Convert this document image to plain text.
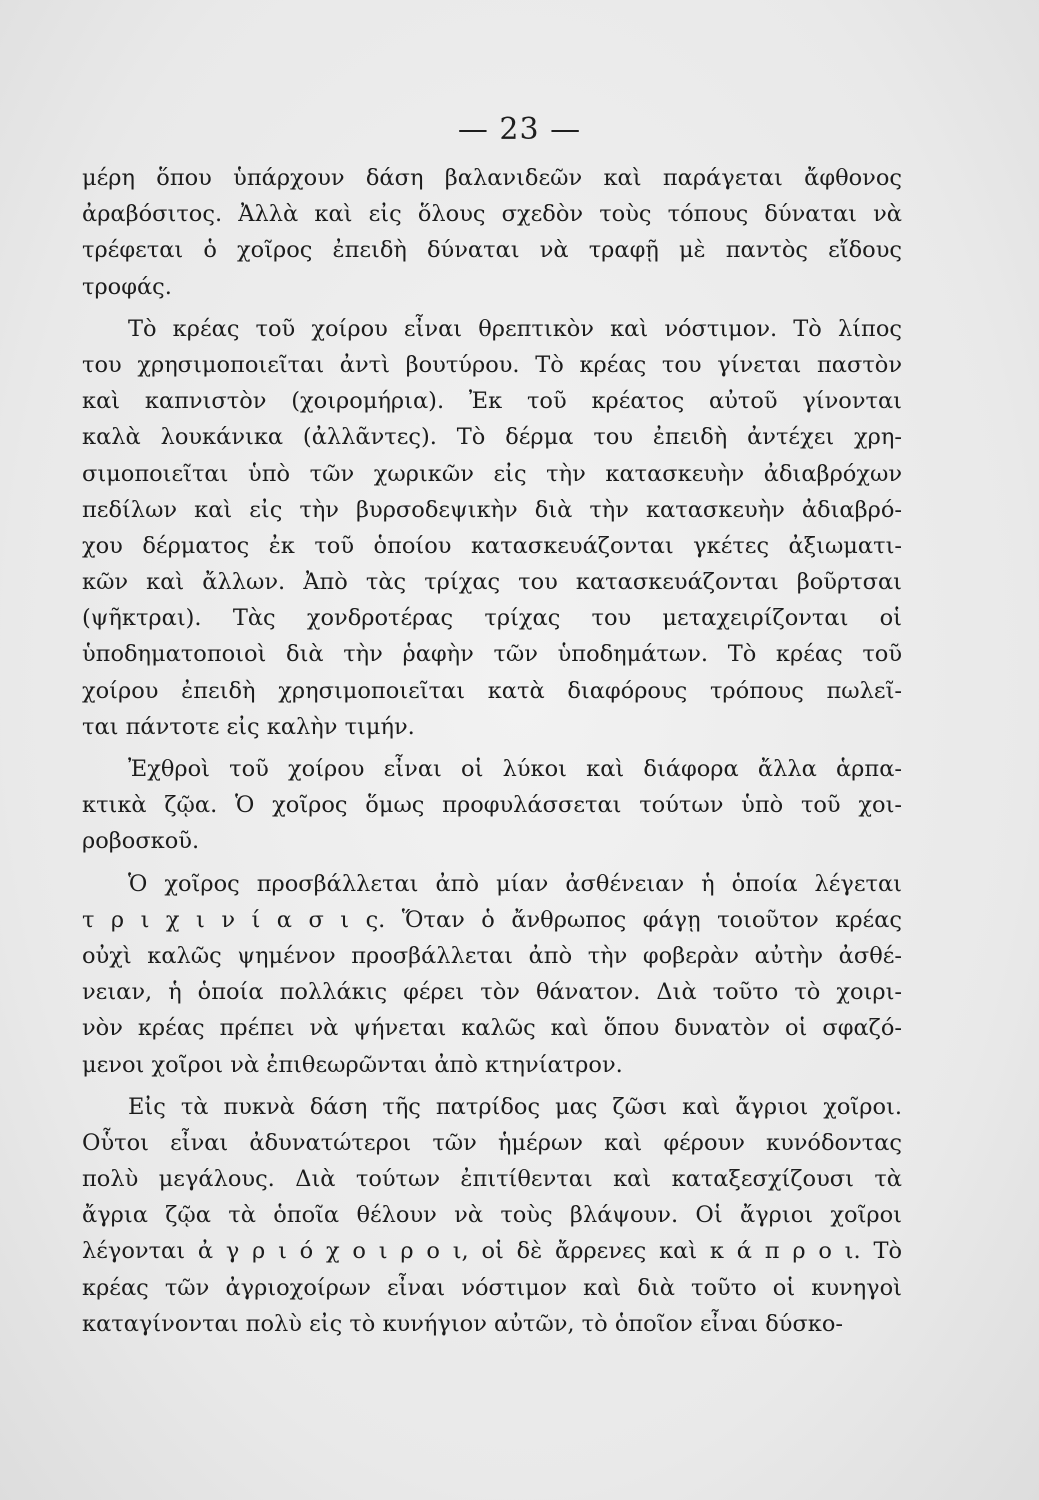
— 23 —
μέρη ὅπου ὑπάρχουν δάση βαλανιδεῶν καὶ παράγεται ἄφθονος
ἀραβόσιτος. Ἀλλὰ καὶ εἰς ὅλους σχεδὸν τοὺς τόπους δύναται νὰ
τρέφεται ὁ χοῖρος ἐπειδὴ δύναται νὰ τραφῇ μὲ παντὸς εἴδους
τροφάς.
Τὸ κρέας τοῦ χοίρου εἶναι θρεπτικὸν καὶ νόστιμον. Τὸ λίπος
του χρησιμοποιεῖται ἀντὶ βουτύρου. Τὸ κρέας του γίνεται παστὸν
καὶ καπνιστὸν (χοιρομήρια). Ἐκ τοῦ κρέατος αὐτοῦ γίνονται
καλὰ λουκάνικα (ἀλλᾶντες). Τὸ δέρμα του ἐπειδὴ ἀντέχει χρη-
σιμοποιεῖται ὑπὸ τῶν χωρικῶν εἰς τὴν κατασκευὴν ἀδιαβρόχων
πεδίλων καὶ εἰς τὴν βυρσοδεψικὴν διὰ τὴν κατασκευὴν ἀδιαβρό-
χου δέρματος ἐκ τοῦ ὁποίου κατασκευάζονται γκέτες ἀξιωματι-
κῶν καὶ ἄλλων. Ἀπὸ τὰς τρίχας του κατασκευάζονται βοῦρτσαι
(ψῆκτραι). Τὰς χονδροτέρας τρίχας του μεταχειρίζονται οἱ
ὑποδηματοποιοὶ διὰ τὴν ῥαφὴν τῶν ὑποδημάτων. Τὸ κρέας τοῦ
χοίρου ἐπειδὴ χρησιμοποιεῖται κατὰ διαφόρους τρόπους πωλεῖ-
ται πάντοτε εἰς καλὴν τιμήν.
Ἐχθροὶ τοῦ χοίρου εἶναι οἱ λύκοι καὶ διάφορα ἄλλα ἁρπα-
κτικὰ ζῷα. Ὁ χοῖρος ὅμως προφυλάσσεται τούτων ὑπὸ τοῦ χοι-
ροβοσκοῦ.
Ὁ χοῖρος προσβάλλεται ἀπὸ μίαν ἀσθένειαν ἡ ὁποία λέγεται
τ ρ ι χ ι ν ί α σ ι ς. Ὅταν ὁ ἄνθρωπος φάγῃ τοιοῦτον κρέας
οὐχὶ καλῶς ψημένον προσβάλλεται ἀπὸ τὴν φοβερὰν αὐτὴν ἀσθέ-
νειαν, ἡ ὁποία πολλάκις φέρει τὸν θάνατον. Διὰ τοῦτο τὸ χοιρι-
νὸν κρέας πρέπει νὰ ψήνεται καλῶς καὶ ὅπου δυνατὸν οἱ σφαζό-
μενοι χοῖροι νὰ ἐπιθεωρῶνται ἀπὸ κτηνίατρον.
Εἰς τὰ πυκνὰ δάση τῆς πατρίδος μας ζῶσι καὶ ἄγριοι χοῖροι.
Οὗτοι εἶναι ἀδυνατώτεροι τῶν ἡμέρων καὶ φέρουν κυνόδοντας
πολὺ μεγάλους. Διὰ τούτων ἐπιτίθενται καὶ καταξεσχίζουσι τὰ
ἄγρια ζῷα τὰ ὁποῖα θέλουν νὰ τοὺς βλάψουν. Οἱ ἄγριοι χοῖροι
λέγονται ἀ γ ρ ι ό χ ο ι ρ ο ι, οἱ δὲ ἄρρενες καὶ κ ά π ρ ο ι. Τὸ
κρέας τῶν ἀγριοχοίρων εἶναι νόστιμον καὶ διὰ τοῦτο οἱ κυνηγοὶ
καταγίνονται πολὺ εἰς τὸ κυνήγιον αὐτῶν, τὸ ὁποῖον εἶναι δύσκο-
